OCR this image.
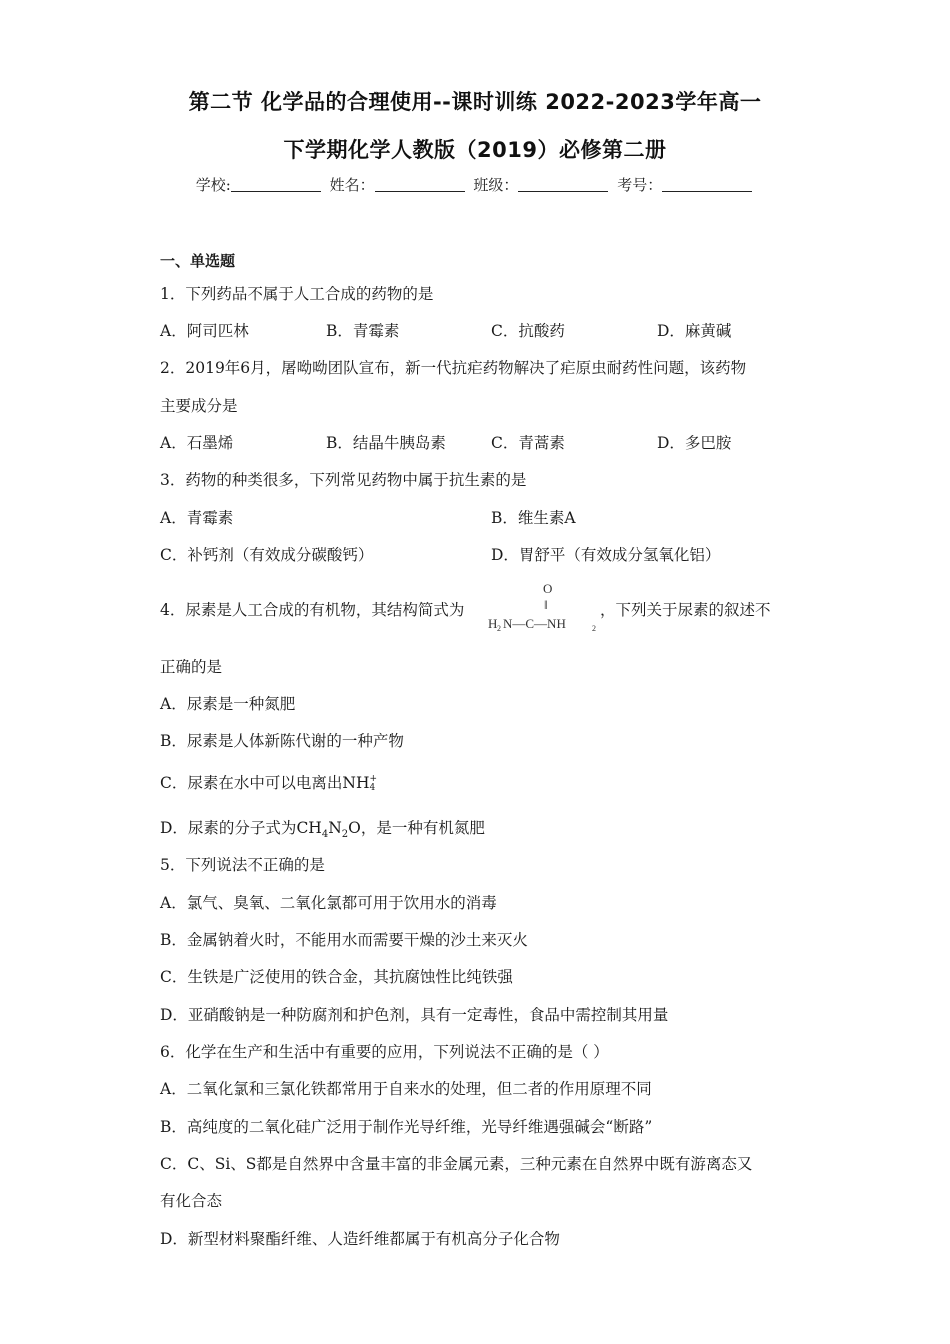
第二节 化学品的合理使用--课时训练 2022-2023学年高一
下学期化学人教版（2019）必修第二册
学校:	姓名：	班级：	考号：
一、单选题
1．下列药品不属于人工合成的药物的是
A．阿司匹林	B．青霉素	C．抗酸药	D．麻黄碱
2．2019年6月，屠呦呦团队宣布，新一代抗疟药物解决了疟原虫耐药性问题，该药物
主要成分是
A．石墨烯	B．结晶牛胰岛素	C．青蒿素	D．多巴胺
3．药物的种类很多，下列常见药物中属于抗生素的是
A．青霉素	B．维生素A
C．补钙剂（有效成分碳酸钙）	D．胃舒平（有效成分氢氧化铝）
4．尿素是人工合成的有机物，其结构简式为
O
‖
H 2 N—C—NH	2
，下列关于尿素的叙述不
正确的是
A．尿素是一种氮肥
B．尿素是人体新陈代谢的一种产物
C．尿素在水中可以电离出NH +
4
D．尿素的分子式为$CH_4N_2O$，是一种有机氮肥
5．下列说法不正确的是
A．氯气、臭氧、二氧化氯都可用于饮用水的消毒
B．金属钠着火时，不能用水而需要干燥的沙土来灭火
C．生铁是广泛使用的铁合金，其抗腐蚀性比纯铁强
D．亚硝酸钠是一种防腐剂和护色剂，具有一定毒性，食品中需控制其用量
6．化学在生产和生活中有重要的应用，下列说法不正确的是（ ）
A．二氧化氯和三氯化铁都常用于自来水的处理，但二者的作用原理不同
B．高纯度的二氧化硅广泛用于制作光导纤维，光导纤维遇强碱会“断路”
C．C、Si、S都是自然界中含量丰富的非金属元素，三种元素在自然界中既有游离态又
有化合态
D．新型材料聚酯纤维、人造纤维都属于有机高分子化合物
